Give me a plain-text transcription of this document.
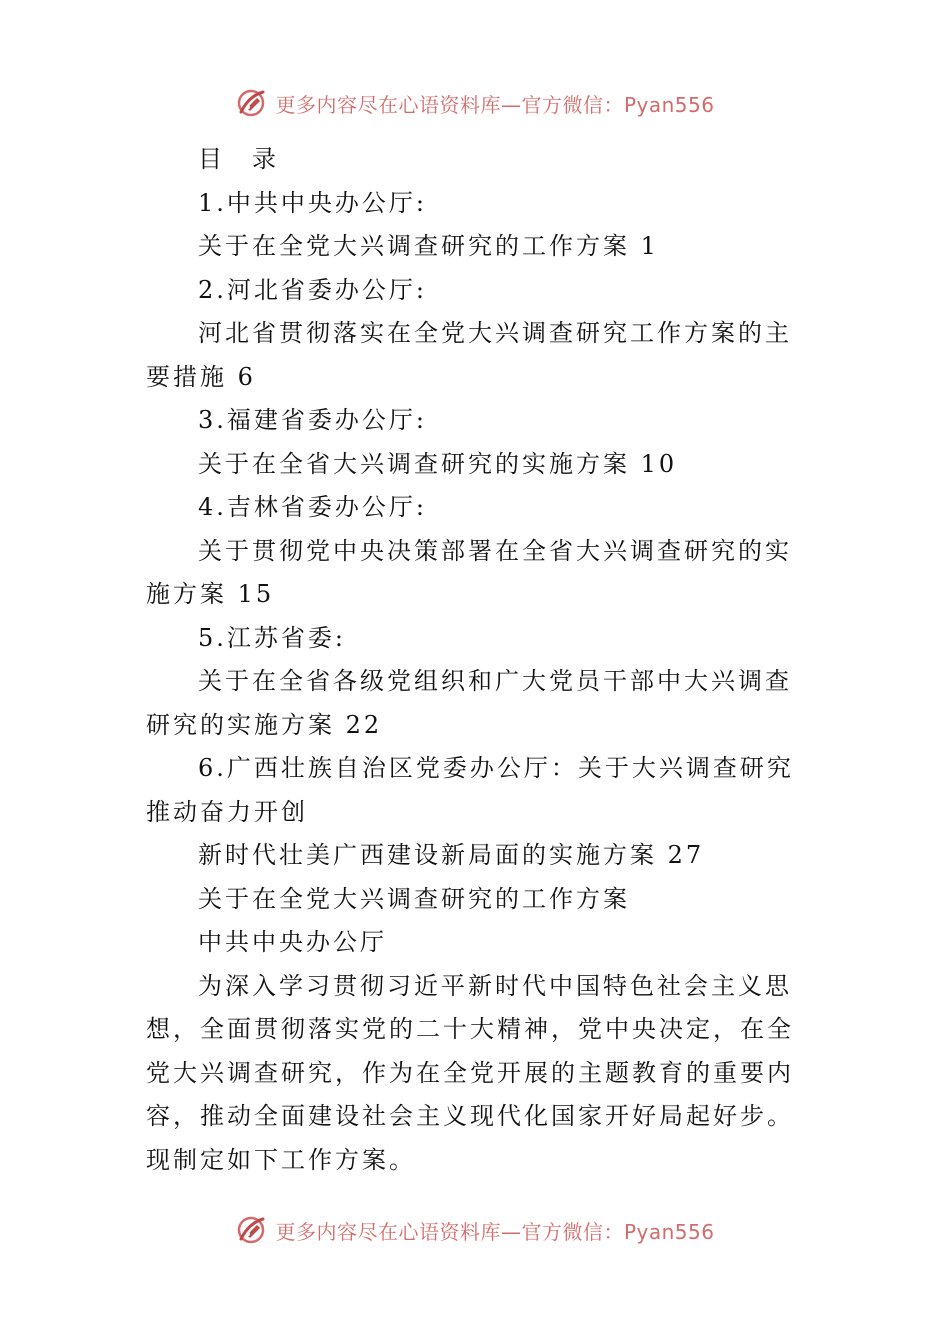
更多内容尽在心语资料库—官方微信：Pyan556

目　录

1.中共中央办公厅:

关于在全党大兴调查研究的工作方案 1

2.河北省委办公厅:

河北省贯彻落实在全党大兴调查研究工作方案的主要措施 6

3.福建省委办公厅:

关于在全省大兴调查研究的实施方案 10

4.吉林省委办公厅:

关于贯彻党中央决策部署在全省大兴调查研究的实施方案 15

5.江苏省委:

关于在全省各级党组织和广大党员干部中大兴调查研究的实施方案 22

6.广西壮族自治区党委办公厅：关于大兴调查研究推动奋力开创

新时代壮美广西建设新局面的实施方案 27

关于在全党大兴调查研究的工作方案

中共中央办公厅

为深入学习贯彻习近平新时代中国特色社会主义思想，全面贯彻落实党的二十大精神，党中央决定，在全党大兴调查研究，作为在全党开展的主题教育的重要内容，推动全面建设社会主义现代化国家开好局起好步。现制定如下工作方案。

更多内容尽在心语资料库—官方微信：Pyan556
